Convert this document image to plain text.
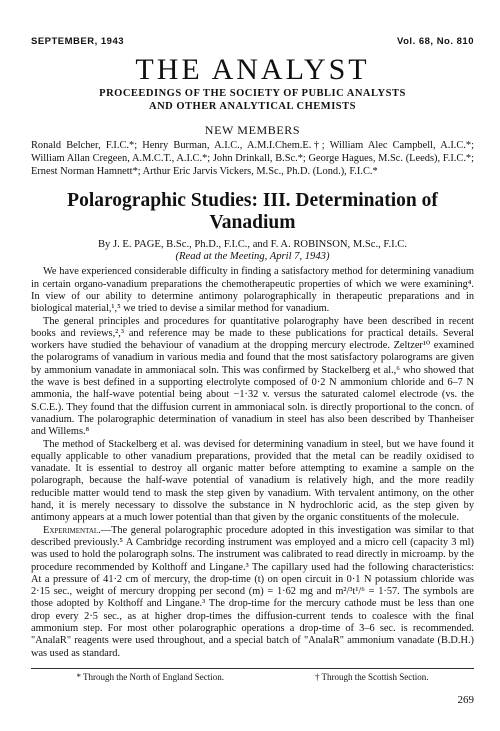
SEPTEMBER, 1943	Vol. 68, No. 810
THE ANALYST
PROCEEDINGS OF THE SOCIETY OF PUBLIC ANALYSTS
AND OTHER ANALYTICAL CHEMISTS
NEW MEMBERS
Ronald Belcher, F.I.C.*; Henry Burman, A.I.C., A.M.I.Chem.E.†; William Alec Campbell, A.I.C.*; William Allan Cregeen, A.M.C.T., A.I.C.*; John Drinkall, B.Sc.*; George Hagues, M.Sc. (Leeds), F.I.C.*; Ernest Norman Hamnett*; Arthur Eric Jarvis Vickers, M.Sc., Ph.D. (Lond.), F.I.C.*
Polarographic Studies: III. Determination of Vanadium
By J. E. PAGE, B.Sc., Ph.D., F.I.C., and F. A. ROBINSON, M.Sc., F.I.C.
(Read at the Meeting, April 7, 1943)

We have experienced considerable difficulty in finding a satisfactory method for determining vanadium in certain organo-vanadium preparations the chemotherapeutic properties of which we were examining⁴. In view of our ability to determine antimony polarographically in therapeutic preparations and in biological material,¹,⁵ we tried to devise a similar method for vanadium.

The general principles and procedures for quantitative polarography have been described in recent books and reviews,²,³ and reference may be made to these publications for practical details. Several workers have studied the behaviour of vanadium at the dropping mercury electrode. Zeltzer¹⁰ examined the polarograms of vanadium in various media and found that the most satisfactory polarograms are given by ammonium vanadate in ammoniacal soln. This was confirmed by Stackelberg et al.,⁶ who showed that the wave is best defined in a supporting electrolyte composed of 0·2 N ammonium chloride and 6–7 N ammonia, the half-wave potential being about −1·32 v. versus the saturated calomel electrode (vs. the S.C.E.). They found that the diffusion current in ammoniacal soln. is directly proportional to the concn. of vanadium. The polarographic determination of vanadium in steel has also been described by Thanheiser and Willems.⁸

The method of Stackelberg et al. was devised for determining vanadium in steel, but we have found it equally applicable to other vanadium preparations, provided that the metal can be readily oxidised to vanadate. It is essential to destroy all organic matter before attempting to examine a sample on the polarograph, because the half-wave potential of vanadium is relatively high, and the more readily reducible matter would tend to mask the step given by vanadium. With tervalent antimony, on the other hand, it is merely necessary to dissolve the substance in N hydrochloric acid, as the step given by antimony appears at a much lower potential than that given by the organic constituents of the molecule.

Experimental.—The general polarographic procedure adopted in this investigation was similar to that described previously.⁵ A Cambridge recording instrument was employed and a micro cell (capacity 3 ml) was used to hold the polarograph solns. The instrument was calibrated to read directly in microamp. by the procedure recommended by Kolthoff and Lingane.³ The capillary used had the following characteristics: At a pressure of 41·2 cm of mercury, the drop-time (t) on open circuit in 0·1 N potassium chloride was 2·15 sec., weight of mercury dropping per second (m) = 1·62 mg and m²/³t¹/⁶ = 1·57. The symbols are those adopted by Kolthoff and Lingane.³ The drop-time for the mercury cathode must be less than one drop every 2·5 sec., as at higher drop-times the diffusion-current tends to coalesce with the final ammonium step. For most other polarographic operations a drop-time of 3–6 sec. is recommended. "AnalaR" reagents were used throughout, and a special batch of "AnalaR" ammonium vanadate (B.D.H.) was used as standard.

* Through the North of England Section.	† Through the Scottish Section.
269
